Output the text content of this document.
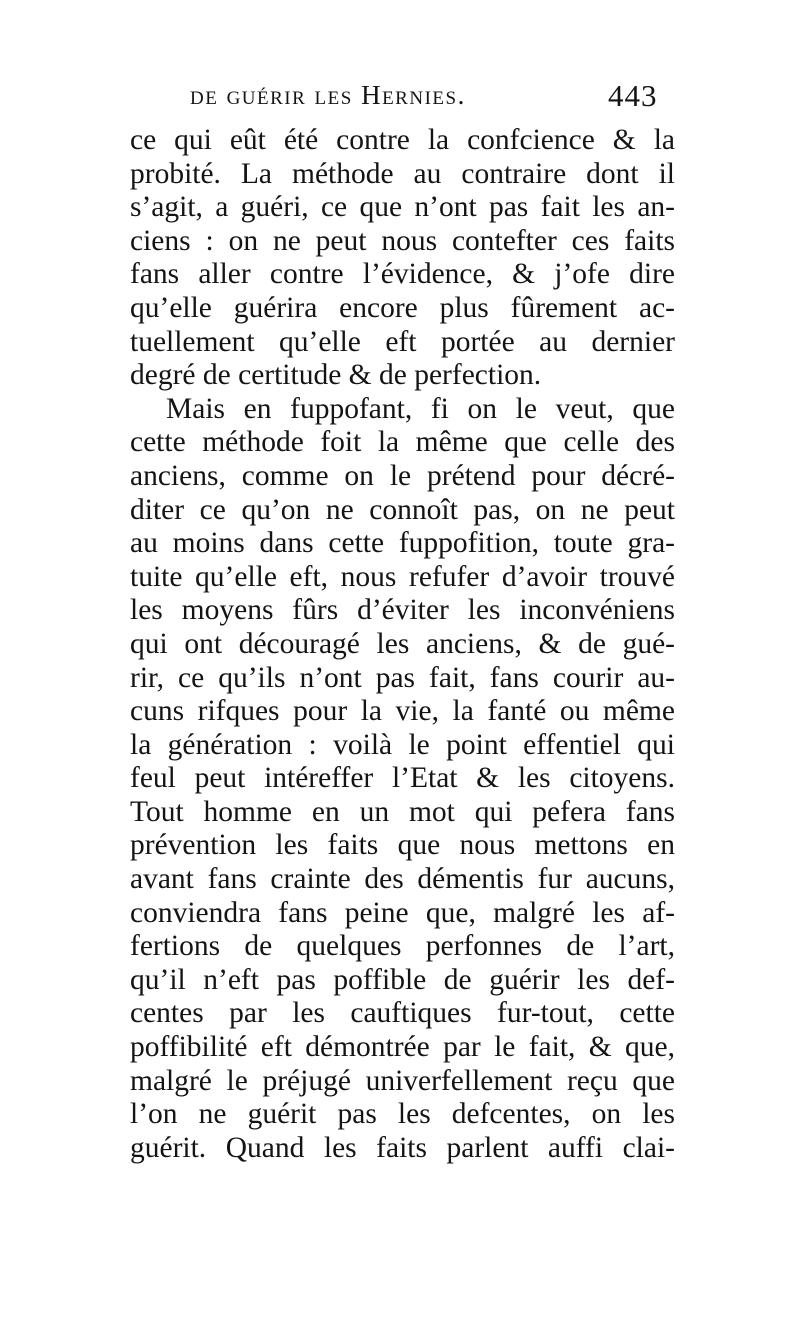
de guérir les Hernies.	443
ce qui eût été contre la confcience & la
probité. La méthode au contraire dont il
s’agit, a guéri, ce que n’ont pas fait les an-
ciens : on ne peut nous contefter ces faits
fans aller contre l’évidence, & j’ofe dire
qu’elle guérira encore plus fûrement ac-
tuellement qu’elle eft portée au dernier
degré de certitude & de perfection.
Mais en fuppofant, fi on le veut, que
cette méthode foit la même que celle des
anciens, comme on le prétend pour décré-
diter ce qu’on ne connoît pas, on ne peut
au moins dans cette fuppofition, toute gra-
tuite qu’elle eft, nous refufer d’avoir trouvé
les moyens fûrs d’éviter les inconvéniens
qui ont découragé les anciens, & de gué-
rir, ce qu’ils n’ont pas fait, fans courir au-
cuns rifques pour la vie, la fanté ou même
la génération : voilà le point effentiel qui
feul peut intéreffer l’Etat & les citoyens.
Tout homme en un mot qui pefera fans
prévention les faits que nous mettons en
avant fans crainte des démentis fur aucuns,
conviendra fans peine que, malgré les af-
fertions de quelques perfonnes de l’art,
qu’il n’eft pas poffible de guérir les def-
centes par les cauftiques fur-tout, cette
poffibilité eft démontrée par le fait, & que,
malgré le préjugé univerfellement reçu que
l’on ne guérit pas les defcentes, on les
guérit. Quand les faits parlent auffi clai-
